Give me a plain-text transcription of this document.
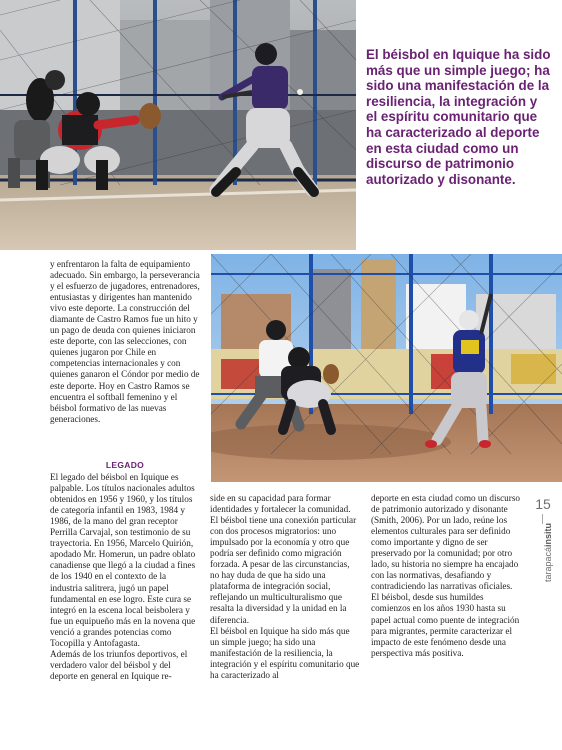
El béisbol en Iquique ha sido más que un simple juego; ha sido una manifestación de la resiliencia, la integración y el espíritu comunitario que ha caracterizado al deporte en esta ciudad como un discurso de patrimonio autorizado y disonante.

y enfrentaron la falta de equipamiento adecuado. Sin embargo, la perseverancia y el esfuerzo de jugadores, entrenadores, entusiastas y dirigentes han mantenido vivo este deporte. La construcción del diamante de Castro Ramos fue un hito y un pago de deuda con quienes iniciaron este deporte, con las selecciones, con quienes jugaron por Chile en competencias internacionales y con quienes ganaron el Cóndor por medio de este deporte. Hoy en Castro Ramos se encuentra el softball femenino y el béisbol formativo de las nuevas generaciones.

LEGADO

El legado del béisbol en Iquique es palpable. Los títulos nacionales adultos obtenidos en 1956 y 1960, y los títulos de categoría infantil en 1983, 1984 y 1986, de la mano del gran receptor Perrilla Carvajal, son testimonio de su trayectoria. En 1956, Marcelo Quirión, apodado Mr. Homerun, un padre oblato canadiense que llegó a la ciudad a fines de los 1940 en el contexto de la industria salitrera, jugó un papel fundamental en ese logro. Este cura se integró en la escena local beisbolera y fue un equipueño más en la novena que venció a grandes potencias como Tocopilla y Antofagasta.

Además de los triunfos deportivos, el verdadero valor del béisbol y del deporte en general en Iquique re-

side en su capacidad para formar identidades y fortalecer la comunidad. El béisbol tiene una conexión particular con dos procesos migratorios: uno impulsado por la economía y otro que podría ser definido como migración forzada. A pesar de las circunstancias, no hay duda de que ha sido una plataforma de integración social, reflejando un multiculturalismo que resalta la diversidad y la unidad en la diferencia.

El béisbol en Iquique ha sido más que un simple juego; ha sido una manifestación de la resiliencia, la integración y el espíritu comunitario que ha caracterizado al

deporte en esta ciudad como un discurso de patrimonio autorizado y disonante (Smith, 2006). Por un lado, reúne los elementos culturales para ser definido como importante y digno de ser preservado por la comunidad; por otro lado, su historia no siempre ha encajado con las normativas, desafiando y contradiciendo las narrativas oficiales. El béisbol, desde sus humildes comienzos en los años 1930 hasta su papel actual como puente de integración para migrantes, permite caracterizar el impacto de este fenómeno desde una perspectiva más positiva.

15
tarapacáinsitu
